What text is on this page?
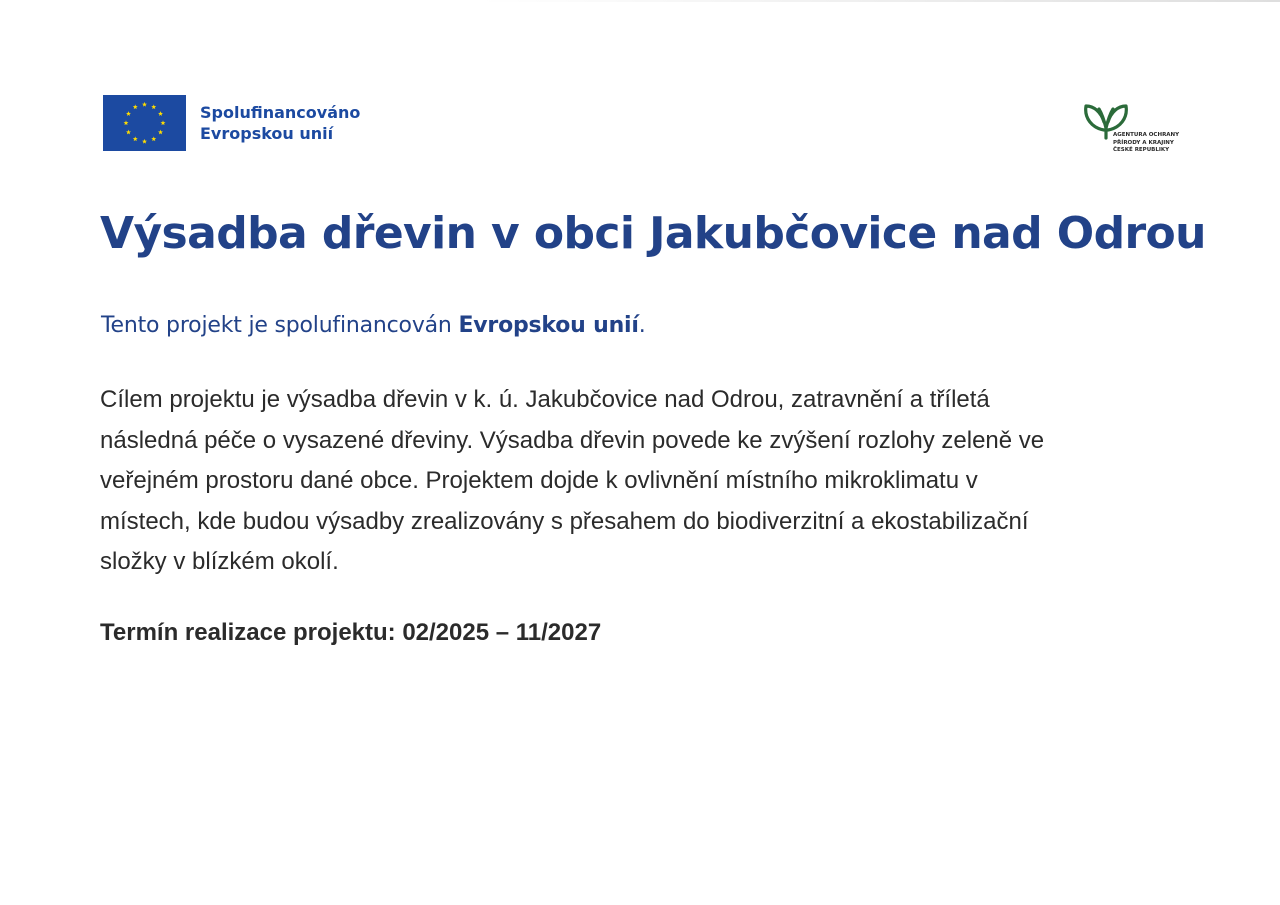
Spolufinancováno
Evropskou unií	AGENTURA OCHRANY
PŘÍRODY A KRAJINY
ČESKÉ REPUBLIKY
Výsadba dřevin v obci Jakubčovice nad Odrou

Tento projekt je spolufinancován Evropskou unií.

Cílem projektu je výsadba dřevin v k. ú. Jakubčovice nad Odrou, zatravnění a tříletá
následná péče o vysazené dřeviny. Výsadba dřevin povede ke zvýšení rozlohy zeleně ve
veřejném prostoru dané obce. Projektem dojde k ovlivnění místního mikroklimatu v
místech, kde budou výsadby zrealizovány s přesahem do biodiverzitní a ekostabilizační
složky v blízkém okolí.

Termín realizace projektu: 02/2025 – 11/2027
